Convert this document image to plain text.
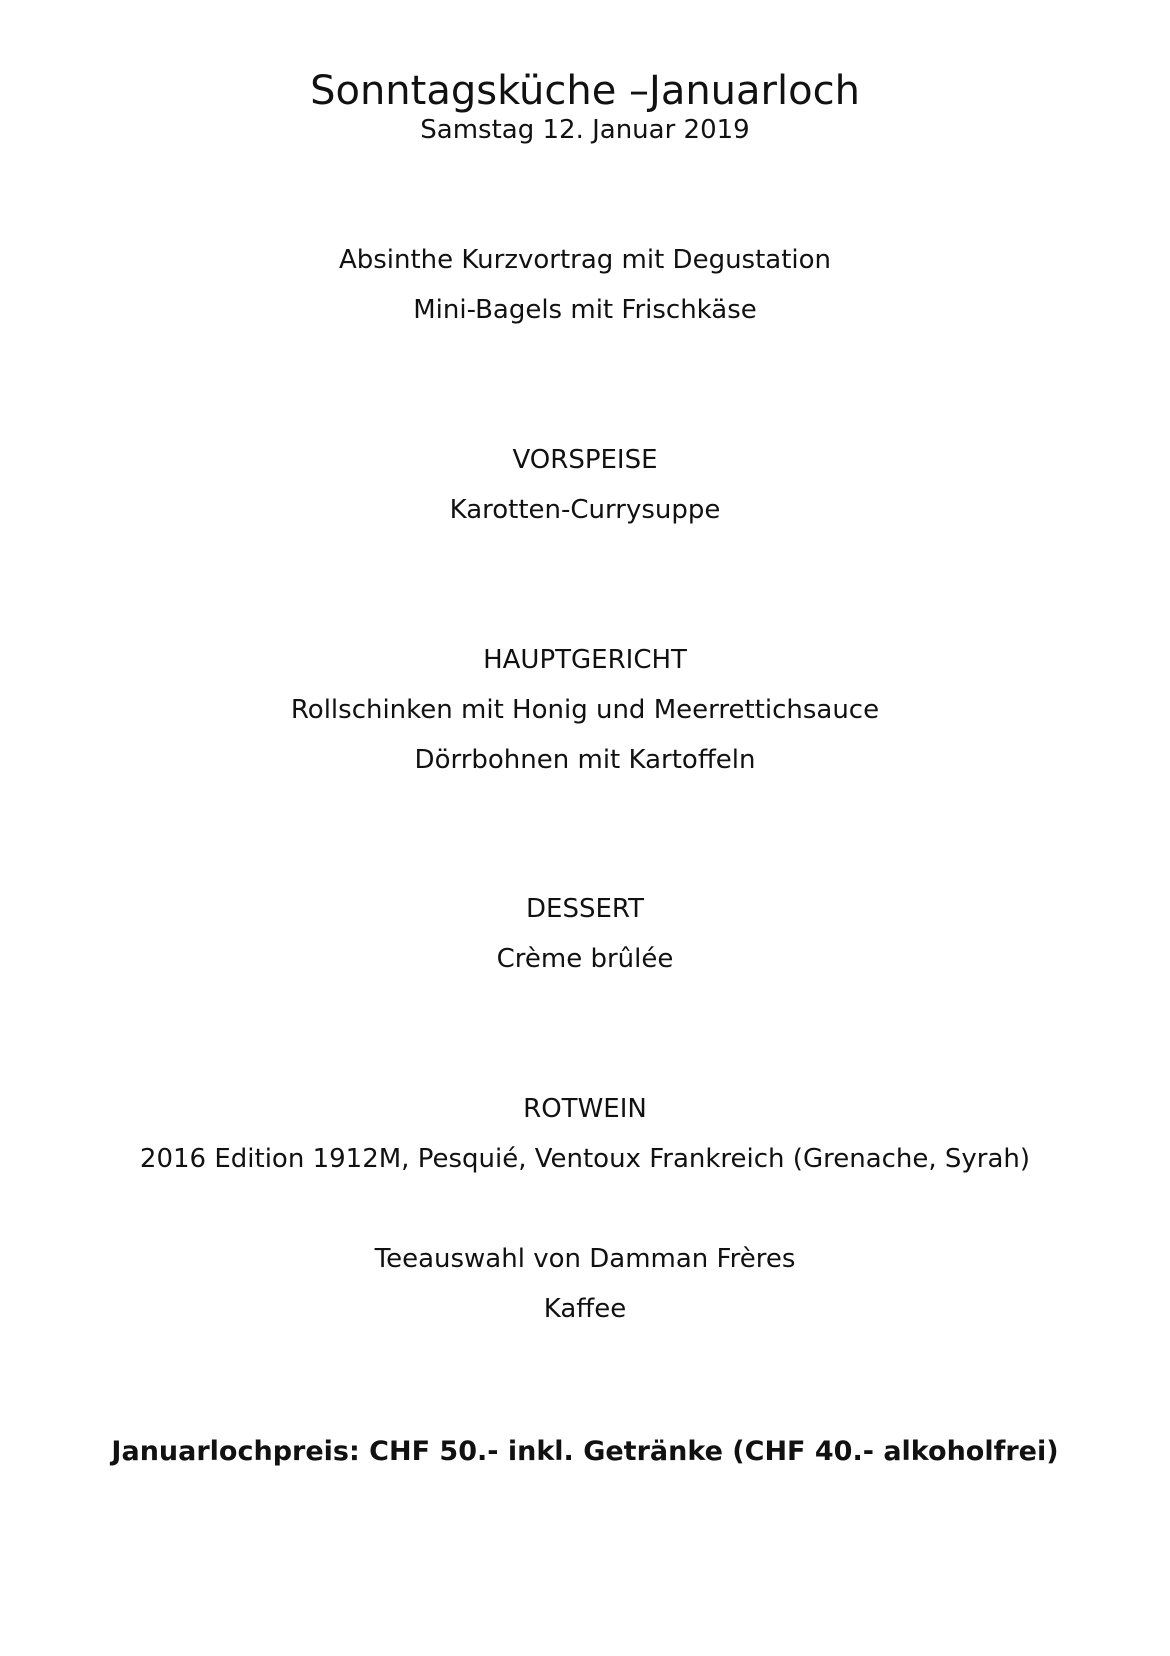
Sonntagsküche –Januarloch
Samstag 12. Januar 2019
Absinthe Kurzvortrag mit Degustation
Mini-Bagels mit Frischkäse
VORSPEISE
Karotten-Currysuppe
HAUPTGERICHT
Rollschinken mit Honig und Meerrettichsauce
Dörrbohnen mit Kartoffeln
DESSERT
Crème brûlée
ROTWEIN
2016 Edition 1912M, Pesquié, Ventoux Frankreich (Grenache, Syrah)
Teeauswahl von Damman Frères
Kaffee
Januarlochpreis: CHF 50.- inkl. Getränke (CHF 40.- alkoholfrei)
